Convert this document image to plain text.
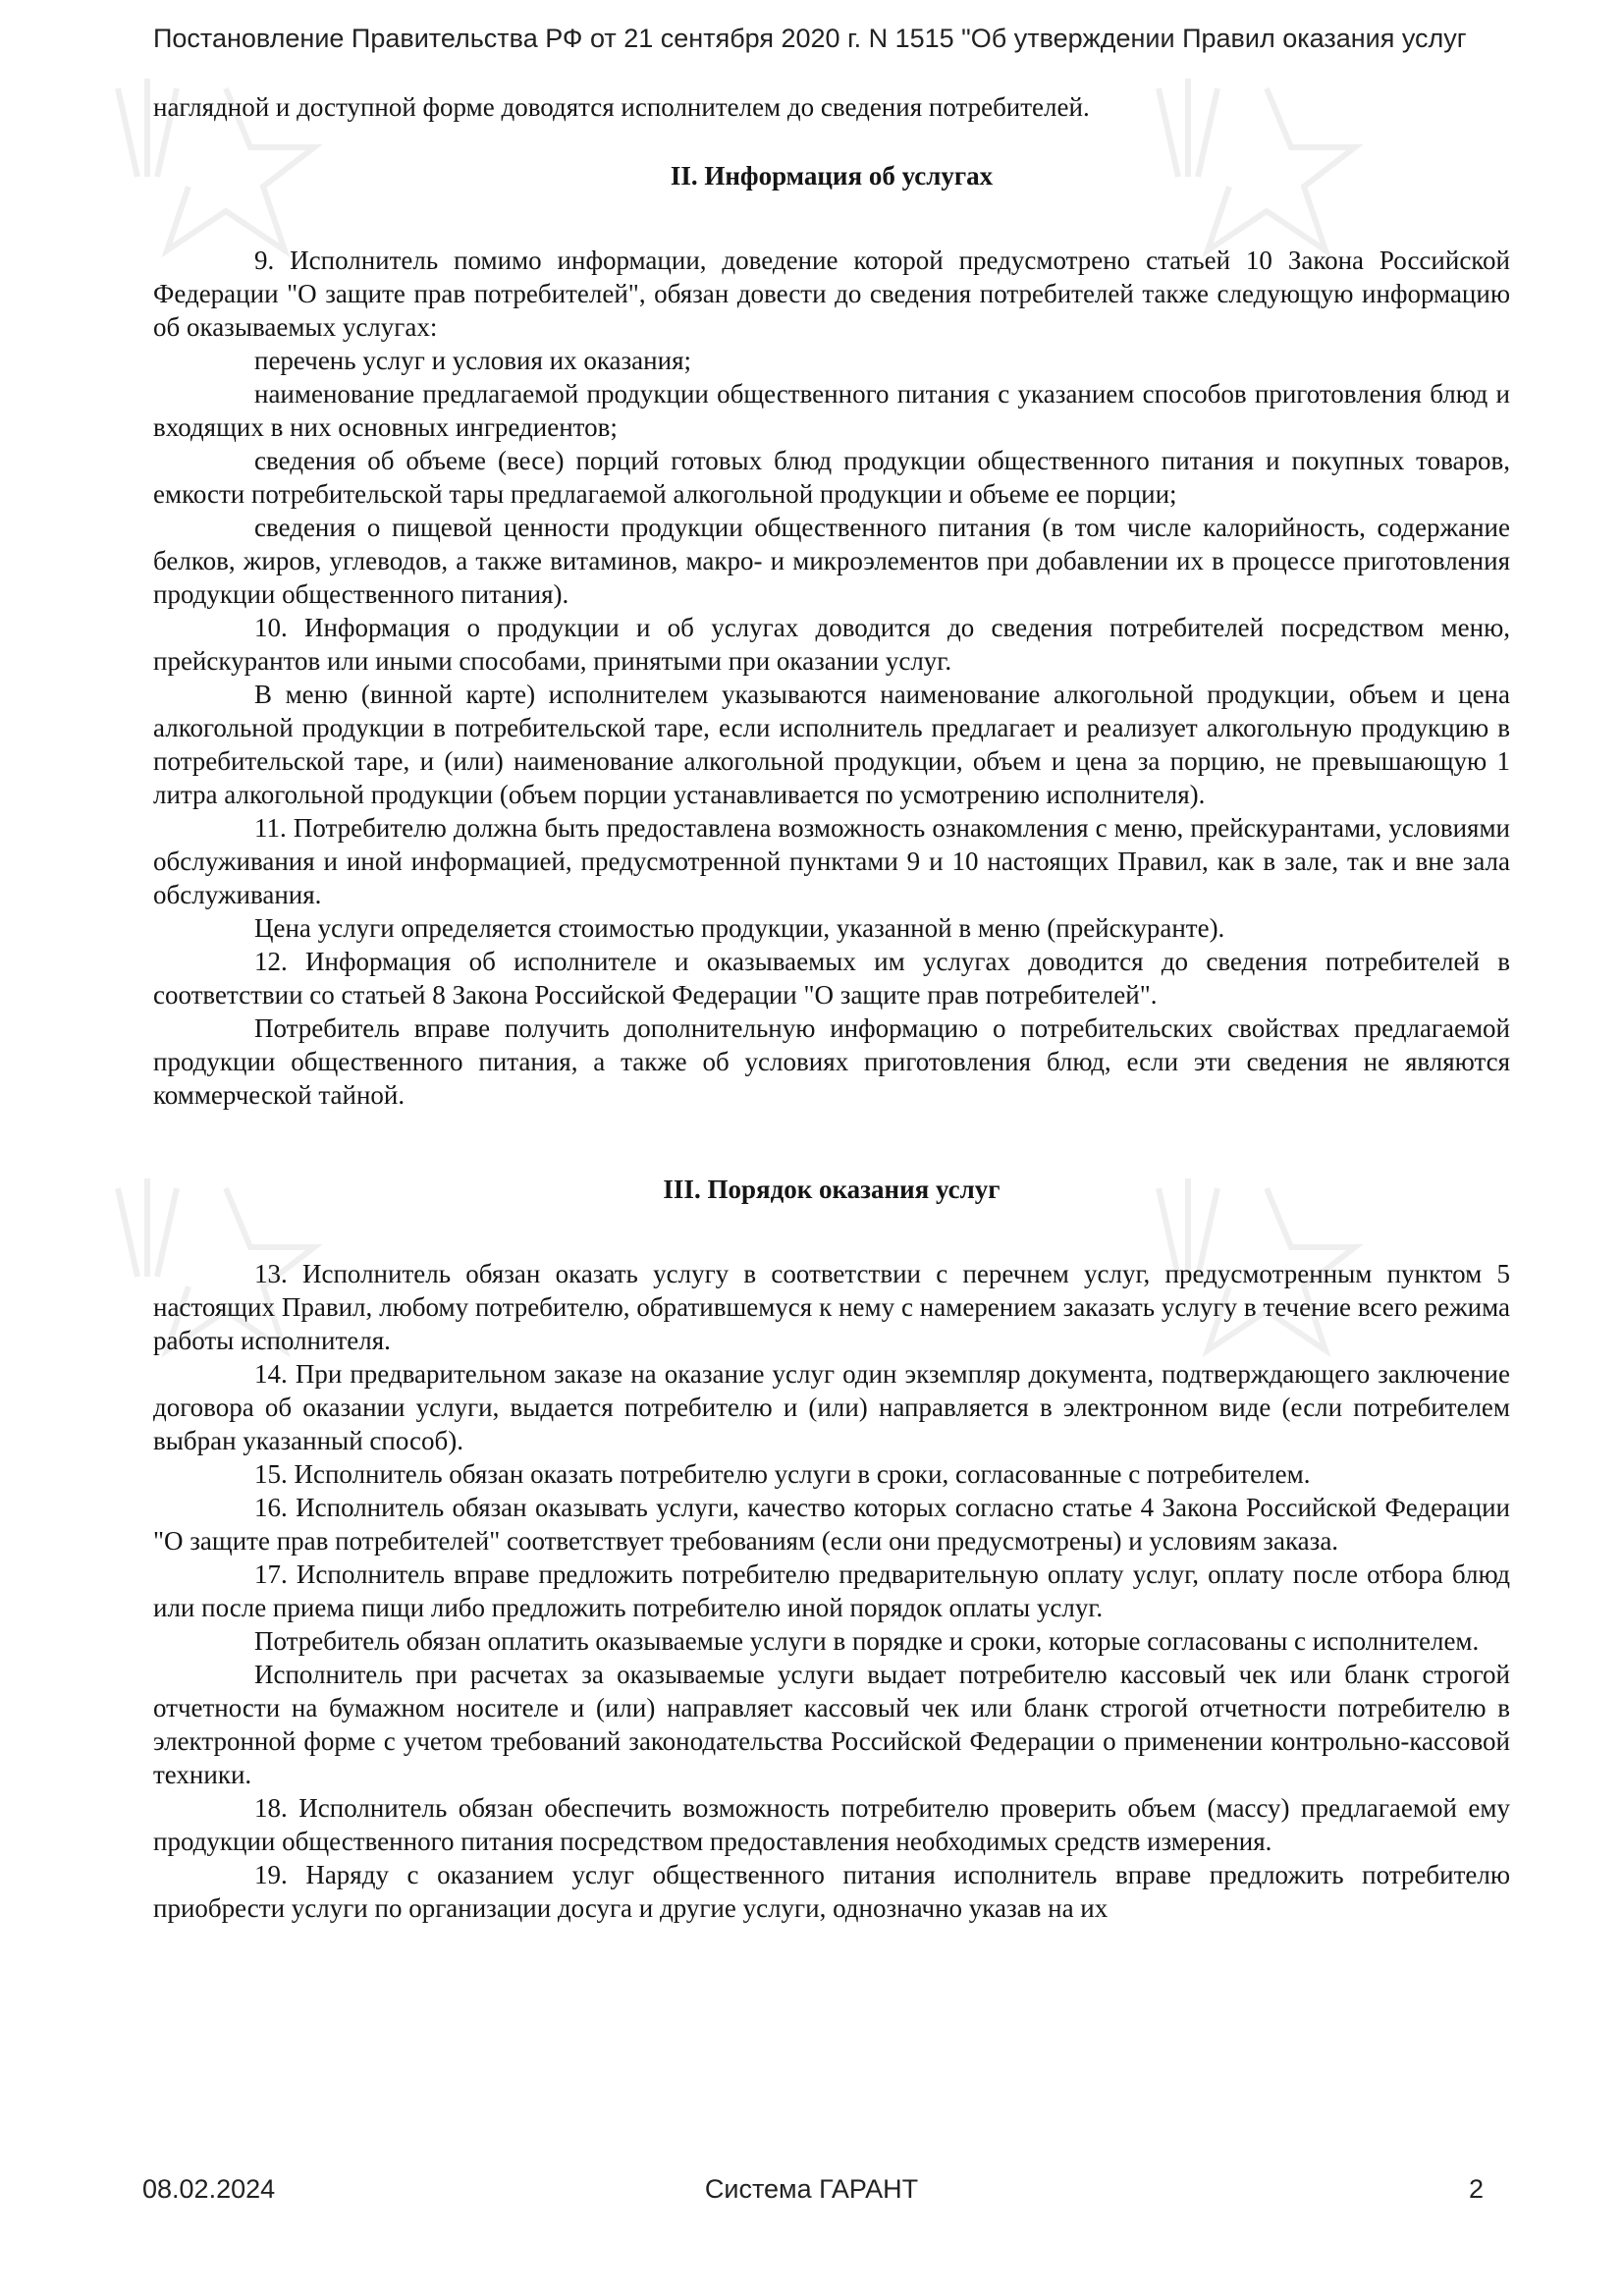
Постановление Правительства РФ от 21 сентября 2020 г. N 1515 "Об утверждении Правил оказания услуг

наглядной и доступной форме доводятся исполнителем до сведения потребителей.

II. Информация об услугах

9. Исполнитель помимо информации, доведение которой предусмотрено статьей 10 Закона Российской Федерации "О защите прав потребителей", обязан довести до сведения потребителей также следующую информацию об оказываемых услугах:

перечень услуг и условия их оказания;

наименование предлагаемой продукции общественного питания с указанием способов приготовления блюд и входящих в них основных ингредиентов;

сведения об объеме (весе) порций готовых блюд продукции общественного питания и покупных товаров, емкости потребительской тары предлагаемой алкогольной продукции и объеме ее порции;

сведения о пищевой ценности продукции общественного питания (в том числе калорийность, содержание белков, жиров, углеводов, а также витаминов, макро- и микроэлементов при добавлении их в процессе приготовления продукции общественного питания).

10. Информация о продукции и об услугах доводится до сведения потребителей посредством меню, прейскурантов или иными способами, принятыми при оказании услуг.

В меню (винной карте) исполнителем указываются наименование алкогольной продукции, объем и цена алкогольной продукции в потребительской таре, если исполнитель предлагает и реализует алкогольную продукцию в потребительской таре, и (или) наименование алкогольной продукции, объем и цена за порцию, не превышающую 1 литра алкогольной продукции (объем порции устанавливается по усмотрению исполнителя).

11. Потребителю должна быть предоставлена возможность ознакомления с меню, прейскурантами, условиями обслуживания и иной информацией, предусмотренной пунктами 9 и 10 настоящих Правил, как в зале, так и вне зала обслуживания.

Цена услуги определяется стоимостью продукции, указанной в меню (прейскуранте).

12. Информация об исполнителе и оказываемых им услугах доводится до сведения потребителей в соответствии со статьей 8 Закона Российской Федерации "О защите прав потребителей".

Потребитель вправе получить дополнительную информацию о потребительских свойствах предлагаемой продукции общественного питания, а также об условиях приготовления блюд, если эти сведения не являются коммерческой тайной.

III. Порядок оказания услуг

13. Исполнитель обязан оказать услугу в соответствии с перечнем услуг, предусмотренным пунктом 5 настоящих Правил, любому потребителю, обратившемуся к нему с намерением заказать услугу в течение всего режима работы исполнителя.

14. При предварительном заказе на оказание услуг один экземпляр документа, подтверждающего заключение договора об оказании услуги, выдается потребителю и (или) направляется в электронном виде (если потребителем выбран указанный способ).

15. Исполнитель обязан оказать потребителю услуги в сроки, согласованные с потребителем.

16. Исполнитель обязан оказывать услуги, качество которых согласно статье 4 Закона Российской Федерации "О защите прав потребителей" соответствует требованиям (если они предусмотрены) и условиям заказа.

17. Исполнитель вправе предложить потребителю предварительную оплату услуг, оплату после отбора блюд или после приема пищи либо предложить потребителю иной порядок оплаты услуг.

Потребитель обязан оплатить оказываемые услуги в порядке и сроки, которые согласованы с исполнителем.

Исполнитель при расчетах за оказываемые услуги выдает потребителю кассовый чек или бланк строгой отчетности на бумажном носителе и (или) направляет кассовый чек или бланк строгой отчетности потребителю в электронной форме с учетом требований законодательства Российской Федерации о применении контрольно-кассовой техники.

18. Исполнитель обязан обеспечить возможность потребителю проверить объем (массу) предлагаемой ему продукции общественного питания посредством предоставления необходимых средств измерения.

19. Наряду с оказанием услуг общественного питания исполнитель вправе предложить потребителю приобрести услуги по организации досуга и другие услуги, однозначно указав на их

08.02.2024	Система ГАРАНТ	2
